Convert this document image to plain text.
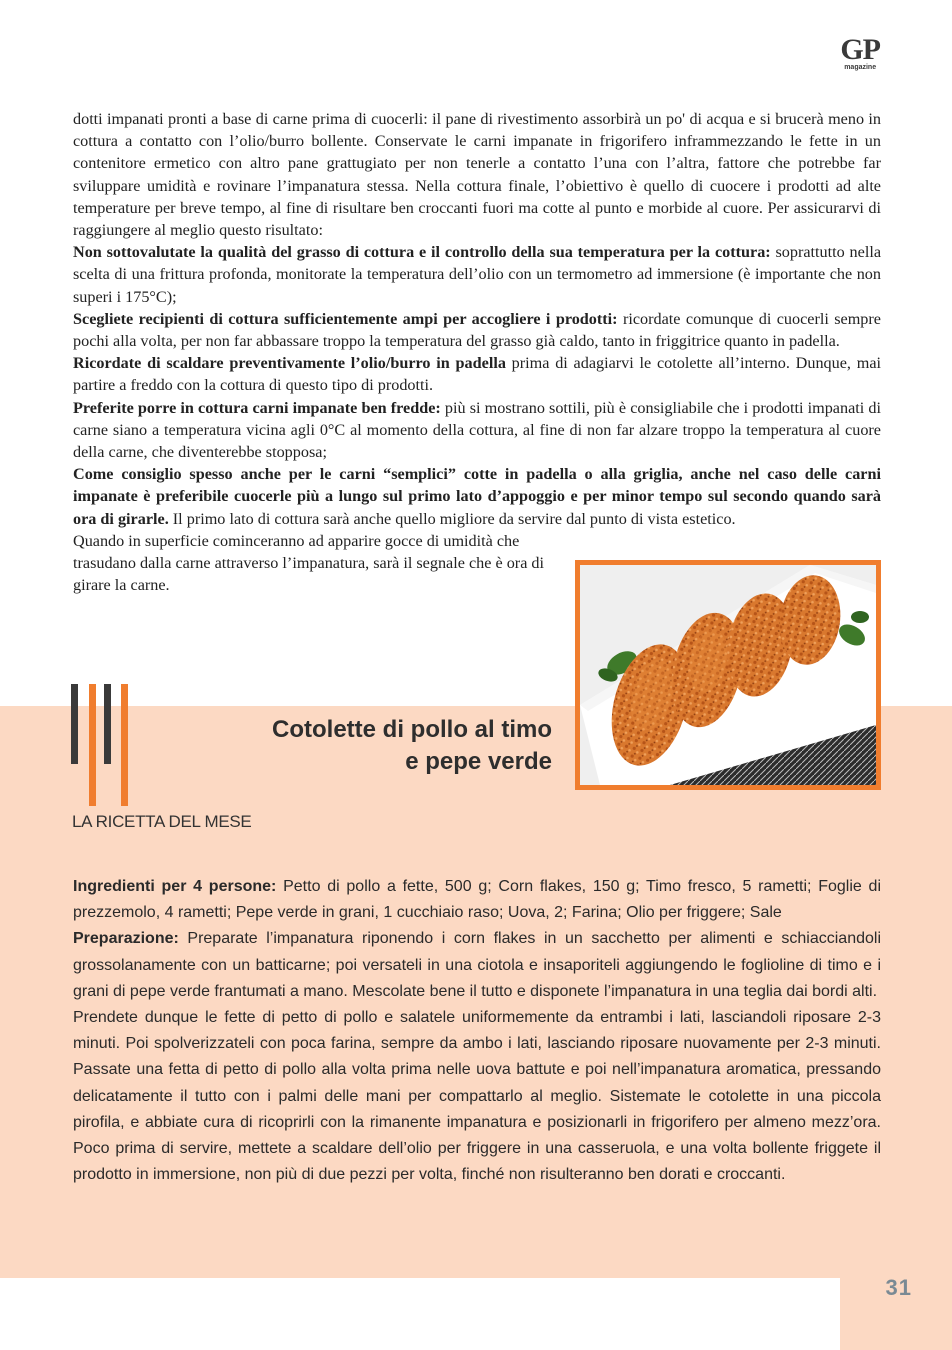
GP
magazine

dotti impanati pronti a base di carne prima di cuocerli: il pane di rivestimento assorbirà un po' di acqua e si brucerà meno in cottura a contatto con l’olio/burro bollente. Conservate le carni impanate in frigorifero inframmezzando le fette in un contenitore ermetico con altro pane grattugiato per non tenerle a contatto l’una con l’altra, fattore che potrebbe far sviluppare umidità e rovinare l’impanatura stessa. Nella cottura finale, l’obiettivo è quello di cuocere i prodotti ad alte temperature per breve tempo, al fine di risultare ben croccanti fuori ma cotte al punto e morbide al cuore. Per assicurarvi di raggiungere al meglio questo risultato:

Non sottovalutate la qualità del grasso di cottura e il controllo della sua temperatura per la cottura: soprattutto nella scelta di una frittura profonda, monitorate la temperatura dell’olio con un termometro ad immersione (è importante che non superi i 175°C);

Scegliete recipienti di cottura sufficientemente ampi per accogliere i prodotti: ricordate comunque di cuocerli sempre pochi alla volta, per non far abbassare troppo la temperatura del grasso già caldo, tanto in friggitrice quanto in padella.

Ricordate di scaldare preventivamente l’olio/burro in padella prima di adagiarvi le cotolette all’interno. Dunque, mai partire a freddo con la cottura di questo tipo di prodotti.

Preferite porre in cottura carni impanate ben fredde: più si mostrano sottili, più è consigliabile che i prodotti impanati di carne siano a temperatura vicina agli 0°C al momento della cottura, al fine di non far alzare troppo la temperatura al cuore della carne, che diventerebbe stopposa;

Come consiglio spesso anche per le carni “semplici” cotte in padella o alla griglia, anche nel caso delle carni impanate è preferibile cuocerle più a lungo sul primo lato d’appoggio e per minor tempo sul secondo quando sarà ora di girarle. Il primo lato di cottura sarà anche quello migliore da servire dal punto di vista estetico.

Quando in superficie cominceranno ad apparire gocce di umidità che trasudano dalla carne attraverso l’impanatura, sarà il segnale che è ora di girare la carne.

Cotolette di pollo al timo
e pepe verde
LA RICETTA DEL MESE

Ingredienti per 4 persone: Petto di pollo a fette, 500 g; Corn flakes, 150 g; Timo fresco, 5 rametti; Foglie di prezzemolo, 4 rametti; Pepe verde in grani, 1 cucchiaio raso; Uova, 2; Farina; Olio per friggere; Sale

Preparazione: Preparate l’impanatura riponendo i corn flakes in un sacchetto per alimenti e schiacciandoli grossolanamente con un batticarne; poi versateli in una ciotola e insaporiteli aggiungendo le foglioline di timo e i grani di pepe verde frantumati a mano. Mescolate bene il tutto e disponete l’impanatura in una teglia dai bordi alti.

Prendete dunque le fette di petto di pollo e salatele uniformemente da entrambi i lati, lasciandoli riposare 2-3 minuti. Poi spolverizzateli con poca farina, sempre da ambo i lati, lasciando riposare nuovamente per 2-3 minuti. Passate una fetta di petto di pollo alla volta prima nelle uova battute e poi nell’impanatura aromatica, pressando delicatamente il tutto con i palmi delle mani per compattarlo al meglio. Sistemate le cotolette in una piccola pirofila, e abbiate cura di ricoprirli con la rimanente impanatura e posizionarli in frigorifero per almeno mezz’ora. Poco prima di servire, mettete a scaldare dell’olio per friggere in una casseruola, e una volta bollente friggete il prodotto in immersione, non più di due pezzi per volta, finché non risulteranno ben dorati e croccanti.

31
